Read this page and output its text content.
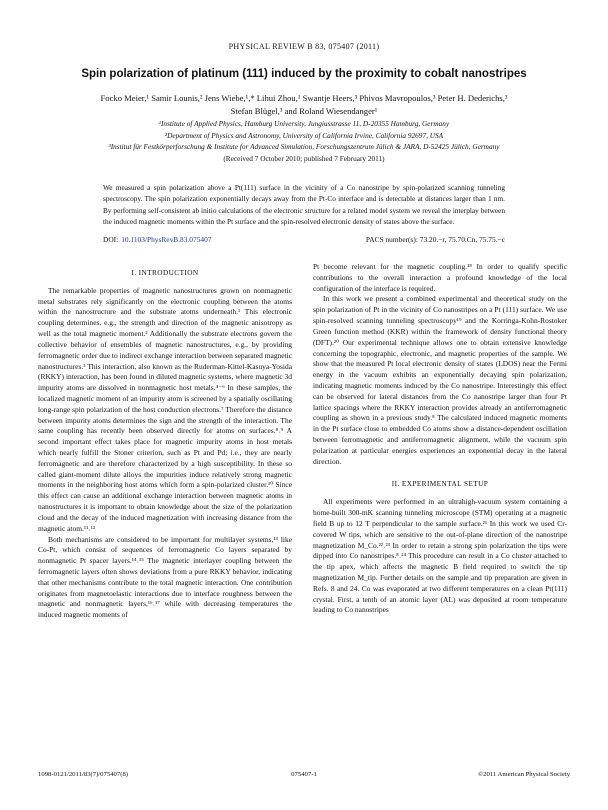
PHYSICAL REVIEW B 83, 075407 (2011)
Spin polarization of platinum (111) induced by the proximity to cobalt nanostripes
Focko Meier,¹ Samir Lounis,² Jens Wiebe,¹,* Lihui Zhou,¹ Swantje Heers,³ Phivos Mavropoulos,³ Peter H. Dederichs,³
Stefan Blügel,³ and Roland Wiesendanger¹
¹Institute of Applied Physics, Hamburg University, Jungiusstrasse 11, D-20355 Hamburg, Germany
²Department of Physics and Astronomy, University of California Irvine, California 92697, USA
³Institut für Festkörperforschung & Institute for Advanced Simulation, Forschungszentrum Jülich & JARA, D-52425 Jülich, Germany
(Received 7 October 2010; published 7 February 2011)
We measured a spin polarization above a Pt(111) surface in the vicinity of a Co nanostripe by spin-polarized scanning tunneling spectroscopy. The spin polarization exponentially decays away from the Pt-Co interface and is detectable at distances larger than 1 nm. By performing self-consistent ab initio calculations of the electronic structure for a related model system we reveal the interplay between the induced magnetic moments within the Pt surface and the spin-resolved electronic density of states above the surface.
DOI: 10.1103/PhysRevB.83.075407	PACS number(s): 73.20.−r, 75.70.Cn, 75.75.−c
I. INTRODUCTION

The remarkable properties of magnetic nanostructures grown on nonmagnetic metal substrates rely significantly on the electronic coupling between the atoms within the nanostructure and the substrate atoms underneath.¹ This electronic coupling determines, e.g., the strength and direction of the magnetic anisotropy as well as the total magnetic moment.² Additionally the substrate electrons govern the collective behavior of ensembles of magnetic nanostructures, e.g., by providing ferromagnetic order due to indirect exchange interaction between separated magnetic nanostructures.³ This interaction, also known as the Ruderman-Kittel-Kasuya-Yosida (RKKY) interaction, has been found in diluted magnetic systems, where magnetic 3d impurity atoms are dissolved in nonmagnetic host metals.⁴⁻⁶ In these samples, the localized magnetic moment of an impurity atom is screened by a spatially oscillating long-range spin polarization of the host conduction electrons.⁷ Therefore the distance between impurity atoms determines the sign and the strength of the interaction. The same coupling has recently been observed directly for atoms on surfaces.⁸˒⁹ A second important effect takes place for magnetic impurity atoms in host metals which nearly fulfill the Stoner criterion, such as Pt and Pd; i.e., they are nearly ferromagnetic and are therefore characterized by a high susceptibility. In these so called giant-moment dilute alloys the impurities induce relatively strong magnetic moments in the neighboring host atoms which form a spin-polarized cluster.¹⁰ Since this effect can cause an additional exchange interaction between magnetic atoms in nanostructures it is important to obtain knowledge about the size of the polarization cloud and the decay of the induced magnetization with increasing distance from the magnetic atom.¹¹˒¹²

Both mechanisms are considered to be important for multilayer systems,¹³ like Co-Pt, which consist of sequences of ferromagnetic Co layers separated by nonmagnetic Pt spacer layers.¹⁴˒¹⁵ The magnetic interlayer coupling between the ferromagnetic layers often shows deviations from a pure RKKY behavior, indicating that other mechanisms contribute to the total magnetic interaction. One contribution originates from magnetoelastic interactions due to interface roughness between the magnetic and nonmagnetic layers,¹⁶˒¹⁷ while with decreasing temperatures the induced magnetic moments of

Pt become relevant for the magnetic coupling.¹⁸ In order to qualify specific contributions to the overall interaction a profound knowledge of the local configuration of the interface is required.

In this work we present a combined experimental and theoretical study on the spin polarization of Pt in the vicinity of Co nanostripes on a Pt (111) surface. We use spin-resolved scanning tunneling spectroscopy¹⁹ and the Korringa-Kohn-Rostoker Green function method (KKR) within the framework of density functional theory (DFT).²⁰ Our experimental technique allows one to obtain extensive knowledge concerning the topographic, electronic, and magnetic properties of the sample. We show that the measured Pt local electronic density of states (LDOS) near the Fermi energy in the vacuum exhibits an exponentially decaying spin polarization, indicating magnetic moments induced by the Co nanostripe. Interestingly this effect can be observed for lateral distances from the Co nanostripe larger than four Pt lattice spacings where the RKKY interaction provides already an antiferromagnetic coupling as shown in a previous study.⁸ The calculated induced magnetic moments in the Pt surface close to embedded Co atoms show a distance-dependent oscillation between ferromagnetic and antiferromagnetic alignment, while the vacuum spin polarization at particular energies experiences an exponential decay in the lateral direction.

II. EXPERIMENTAL SETUP

All experiments were performed in an ultrahigh-vacuum system containing a home-built 300-mK scanning tunneling microscope (STM) operating at a magnetic field B up to 12 T perpendicular to the sample surface.²¹ In this work we used Cr-covered W tips, which are sensitive to the out-of-plane direction of the nanostripe magnetization M_Co.²²˒²³ In order to retain a strong spin polarization the tips were dipped into Co nanostripes.⁸˒²⁴ This procedure can result in a Co cluster attached to the tip apex, which affects the magnetic B field required to switch the tip magnetization M_tip. Further details on the sample and tip preparation are given in Refs. 8 and 24. Co was evaporated at two different temperatures on a clean Pt(111) crystal. First, a tenth of an atomic layer (AL) was deposited at room temperature leading to Co nanostripes

1098-0121/2011/83(7)/075407(8)	075407-1	©2011 American Physical Society
